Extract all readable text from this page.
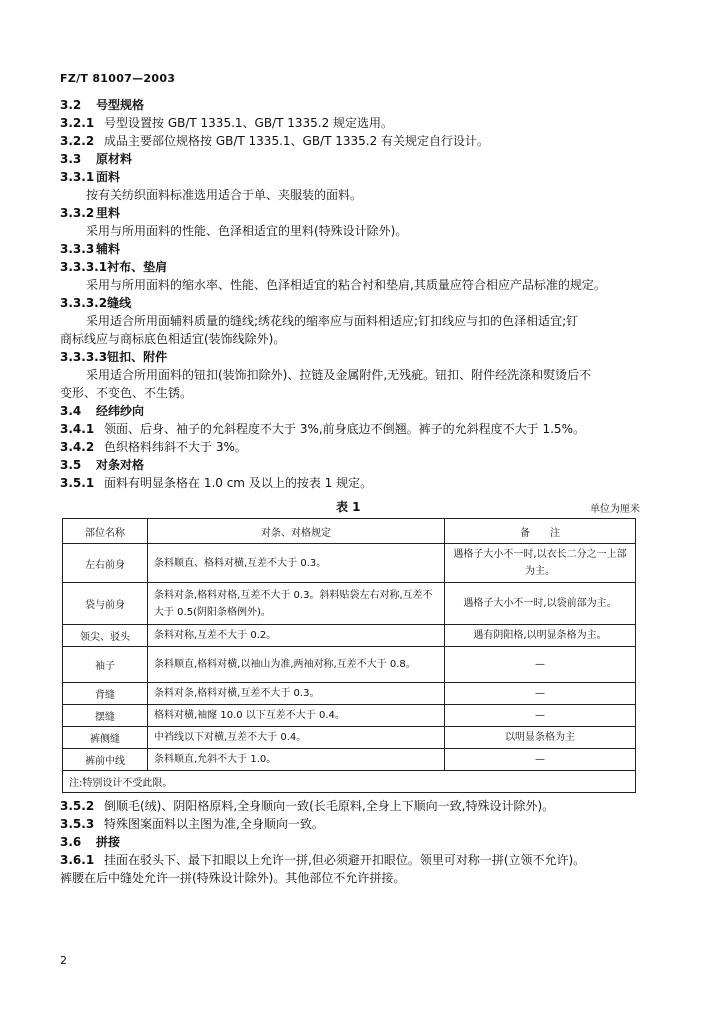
FZ/T 81007—2003
3.2 号型规格
3.2.1 号型设置按 GB/T 1335.1、GB/T 1335.2 规定选用。
3.2.2 成品主要部位规格按 GB/T 1335.1、GB/T 1335.2 有关规定自行设计。
3.3 原材料
3.3.1 面料
按有关纺织面料标准选用适合于单、夹服装的面料。
3.3.2 里料
采用与所用面料的性能、色泽相适宜的里料(特殊设计除外)。
3.3.3 辅料
3.3.3.1衬布、垫肩
采用与所用面料的缩水率、性能、色泽相适宜的粘合衬和垫肩,其质量应符合相应产品标准的规定。
3.3.3.2缝线
采用适合所用面辅料质量的缝线;绣花线的缩率应与面料相适应;钉扣线应与扣的色泽相适宜;钉
商标线应与商标底色相适宜(装饰线除外)。
3.3.3.3钮扣、附件
采用适合所用面料的钮扣(装饰扣除外)、拉链及金属附件,无残疵。钮扣、附件经洗涤和熨烫后不
变形、不变色、不生锈。
3.4 经纬纱向
3.4.1 领面、后身、袖子的允斜程度不大于 3%,前身底边不倒翘。裤子的允斜程度不大于 1.5%。
3.4.2 色织格料纬斜不大于 3%。
3.5 对条对格
3.5.1 面料有明显条格在 1.0 cm 及以上的按表 1 规定。
表 1	单位为厘米
部位名称	对条、对格规定	备　　注
左右前身	条料顺直、格料对横,互差不大于 0.3。	遇格子大小不一时,以衣长二分之一上部为主。
袋与前身	条料对条,格料对格,互差不大于 0.3。斜料贴袋左右对称,互差不大于 0.5(阴阳条格例外)。	遇格子大小不一时,以袋前部为主。
领尖、驳头	条料对称,互差不大于 0.2。	遇有阴阳格,以明显条格为主。
袖子	条料顺直,格料对横,以袖山为准,两袖对称,互差不大于 0.8。	—
背缝	条料对条,格料对横,互差不大于 0.3。	—
摆缝	格料对横,袖窿 10.0 以下互差不大于 0.4。	—
裤侧缝	中裆线以下对横,互差不大于 0.4。	以明显条格为主
裤前中线	条料顺直,允斜不大于 1.0。	—
注:特别设计不受此限。		
3.5.2 倒顺毛(绒)、阴阳格原料,全身顺向一致(长毛原料,全身上下顺向一致,特殊设计除外)。
3.5.3 特殊图案面料以主图为准,全身顺向一致。
3.6 拼接
3.6.1 挂面在驳头下、最下扣眼以上允许一拼,但必须避开扣眼位。领里可对称一拼(立领不允许)。
裤腰在后中缝处允许一拼(特殊设计除外)。其他部位不允许拼接。
2
